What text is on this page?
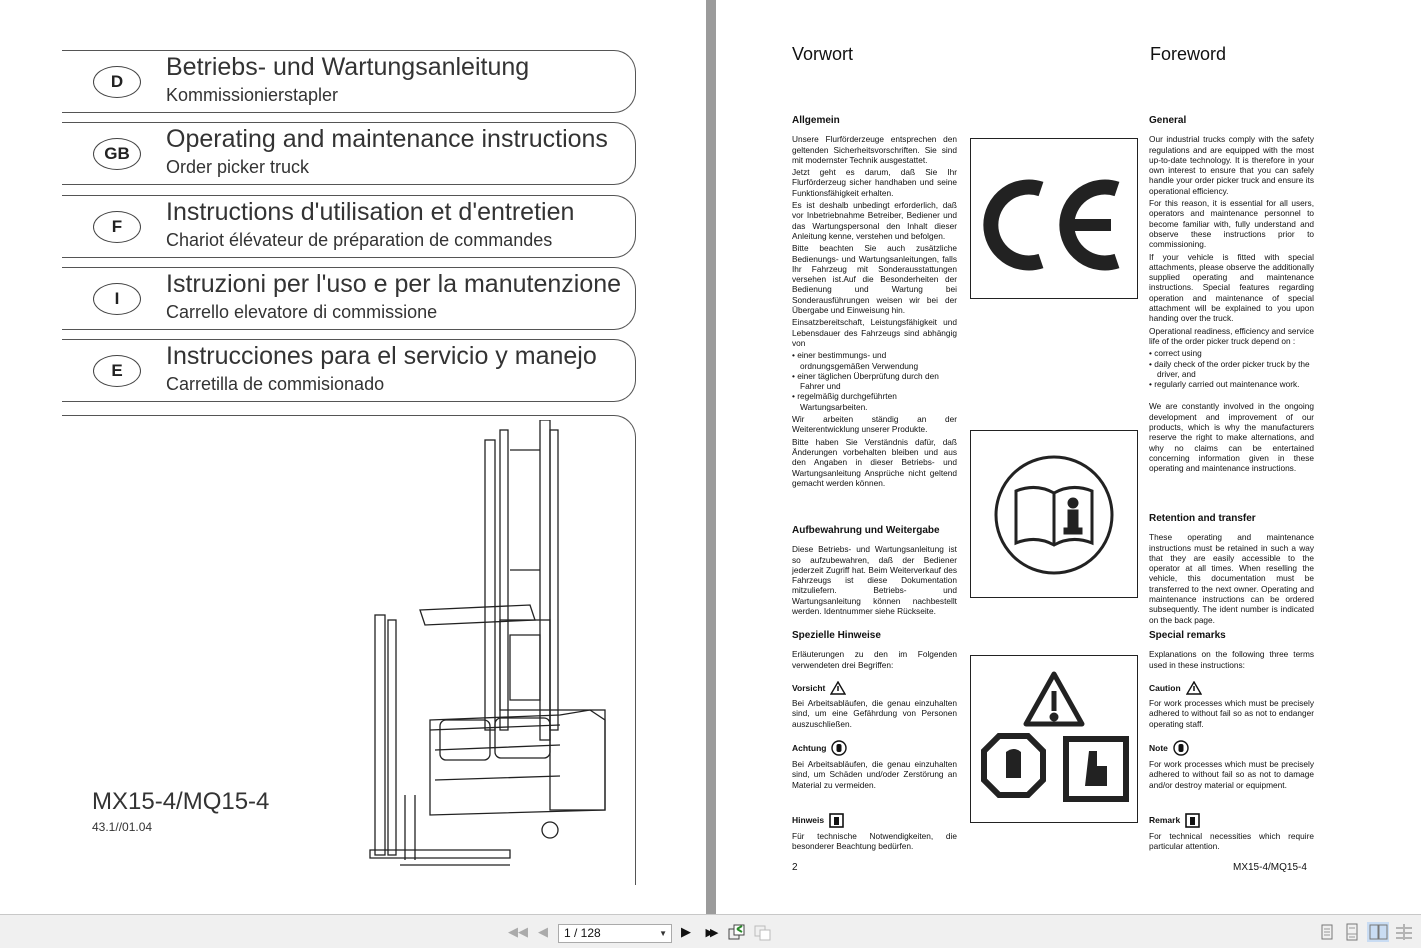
D
Betriebs- und Wartungsanleitung
Kommissionierstapler
GB
Operating and maintenance instructions
Order picker truck
F
Instructions d'utilisation et d'entretien
Chariot élévateur de préparation de commandes
I
Istruzioni per l'uso e per la manutenzione
Carrello elevatore di commissione
E
Instrucciones para el servicio y manejo
Carretilla de commisionado
MX15-4/MQ15-4
43.1//01.04
Vorwort	Foreword
2	MX15-4/MQ15-4
Allgemein

Unsere Flurförderzeuge entsprechen den geltenden Sicherheitsvorschriften. Sie sind mit modernster Technik ausgestattet.

Jetzt geht es darum, daß Sie Ihr Flurförderzeug sicher handhaben und seine Funktionsfähigkeit erhalten.

Es ist deshalb unbedingt erforderlich, daß vor Inbetriebnahme Betreiber, Bediener und das Wartungspersonal den Inhalt dieser Anleitung kenne, verstehen und befolgen.

Bitte beachten Sie auch zusätzliche Bedienungs- und Wartungsanleitungen, falls Ihr Fahrzeug mit Sonderausstattungen versehen ist.Auf die Besonderheiten der Bedienung und Wartung bei Sonderausführungen weisen wir bei der Übergabe und Einweisung hin.

Einsatzbereitschaft, Leistungsfähigkeit und Lebensdauer des Fahrzeugs sind abhängig von

• einer bestimmungs- und ordnungsgemäßen Verwendung
• einer täglichen Überprüfung durch den Fahrer und
• regelmäßig durchgeführten Wartungsarbeiten.

Wir arbeiten ständig an der Weiterentwicklung unserer Produkte.

Bitte haben Sie Verständnis dafür, daß Änderungen vorbehalten bleiben und aus den Angaben in dieser Betriebs- und Wartungsanleitung Ansprüche nicht geltend gemacht werden können.

Aufbewahrung und Weitergabe

Diese Betriebs- und Wartungsanleitung ist so aufzubewahren, daß der Bediener jederzeit Zugriff hat. Beim Weiterverkauf des Fahrzeugs ist diese Dokumentation mitzuliefern. Betriebs- und Wartungsanleitung können nachbestellt werden. Identnummer siehe Rückseite.

Spezielle Hinweise

Erläuterungen zu den im Folgenden verwendeten drei Begriffen:

Vorsicht

Bei Arbeitsabläufen, die genau einzuhalten sind, um eine Gefährdung von Personen auszuschließen.

Achtung

Bei Arbeitsabläufen, die genau einzuhalten sind, um Schäden und/oder Zerstörung an Material zu vermeiden.

Hinweis

Für technische Notwendigkeiten, die besonderer Beachtung bedürfen.

General

Our industrial trucks comply with the safety regulations and are equipped with the most up-to-date technology. It is therefore in your own interest to ensure that you can safely handle your order picker truck and ensure its operational efficiency.

For this reason, it is essential for all users, operators and maintenance personnel to become familiar with, fully understand and observe these instructions prior to commissioning.

If your vehicle is fitted with special attachments, please observe the additionally supplied operating and maintenance instructions. Special features regarding operation and maintenance of special attachment will be explained to you upon handing over the truck.

Operational readiness, efficiency and service life of the order picker truck depend on :

• correct using
• daily check of the order picker truck by the driver, and
• regularly carried out maintenance work.

We are constantly involved in the ongoing development and improvement of our products, which is why the manufacturers reserve the right to make alternations, and why no claims can be entertained concerning information given in these operating and maintenance instructions.

Retention and transfer

These operating and maintenance instructions must be retained in such a way that they are easily accessible to the operator at all times. When reselling the vehicle, this documentation must be transferred to the next owner. Operating and maintenance instructions can be ordered subsequently. The ident number is indicated on the back page.

Special remarks

Explanations on the following three terms used in these instructions:

Caution

For work processes which must be precisely adhered to without fail so as not to endanger operating staff.

Note

For work processes which must be precisely adhered to without fail so as not to damage and/or destroy material or equipment.

Remark

For technical necessities which require particular attention.

◀◀ ◀	1 / 128	▼ ▶ ▶▶
